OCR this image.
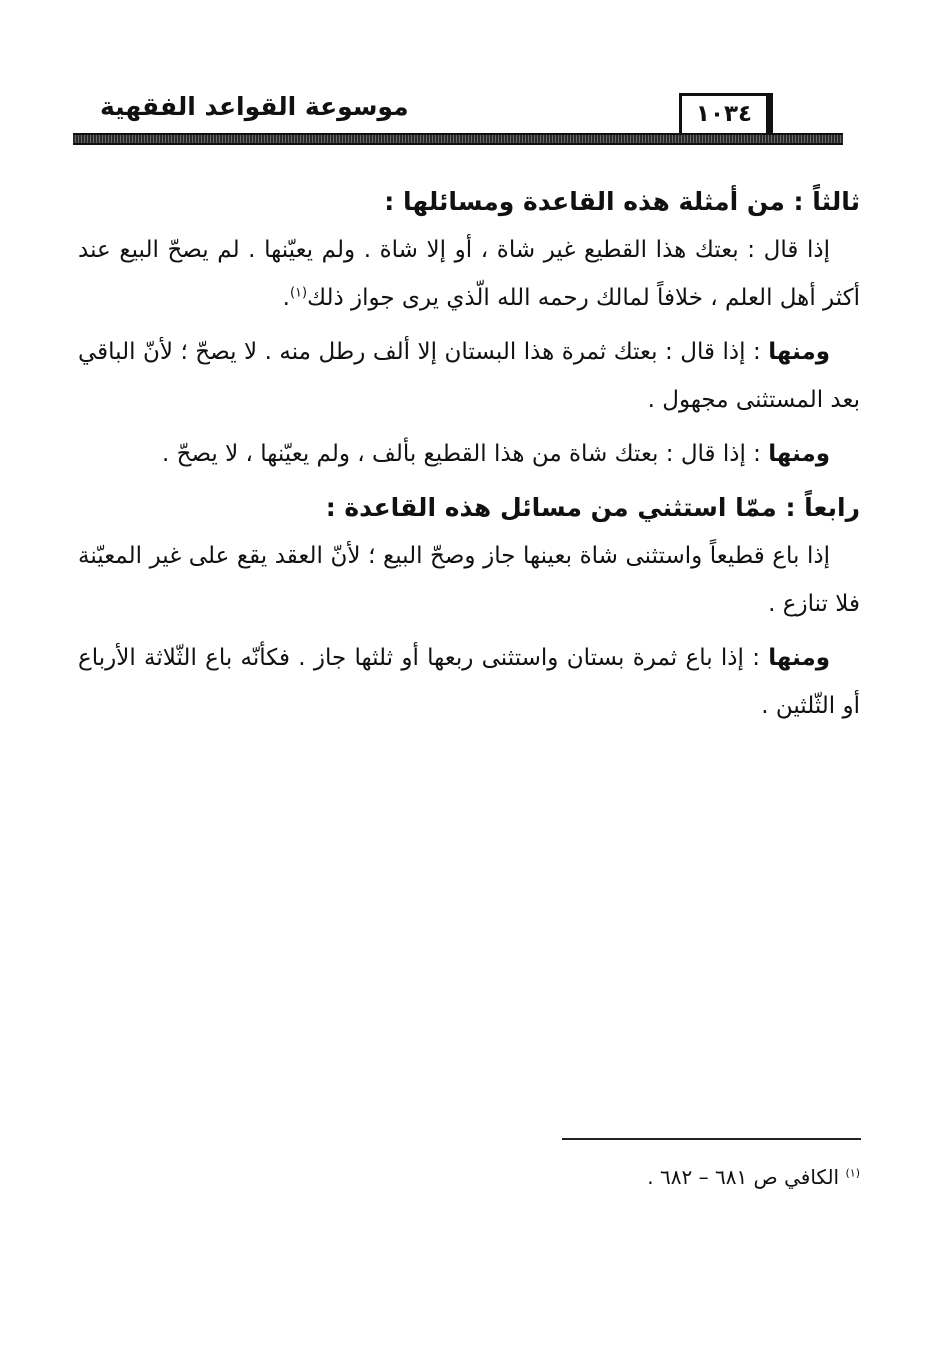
موسوعة القواعد الفقهية	١٠٣٤

ثالثاً : من أمثلة هذه القاعدة ومسائلها :

إذا قال : بعتك هذا القطيع غير شاة ، أو إلا شاة . ولم يعيّنها . لم يصحّ البيع عند أكثر أهل العلم ، خلافاً لمالك رحمه الله الّذي يرى جواز ذلك$^{(١)}$.

ومنها : إذا قال : بعتك ثمرة هذا البستان إلا ألف رطل منه . لا يصحّ ؛ لأنّ الباقي بعد المستثنى مجهول .

ومنها : إذا قال : بعتك شاة من هذا القطيع بألف ، ولم يعيّنها ، لا يصحّ .

رابعاً : ممّا استثني من مسائل هذه القاعدة :

إذا باع قطيعاً واستثنى شاة بعينها جاز وصحّ البيع ؛ لأنّ العقد يقع على غير المعيّنة فلا تنازع .

ومنها : إذا باع ثمرة بستان واستثنى ربعها أو ثلثها جاز . فكأنّه باع الثّلاثة الأرباع أو الثّلثين .

$^{(١)}$ الكافي ص ٦٨١ – ٦٨٢ .
